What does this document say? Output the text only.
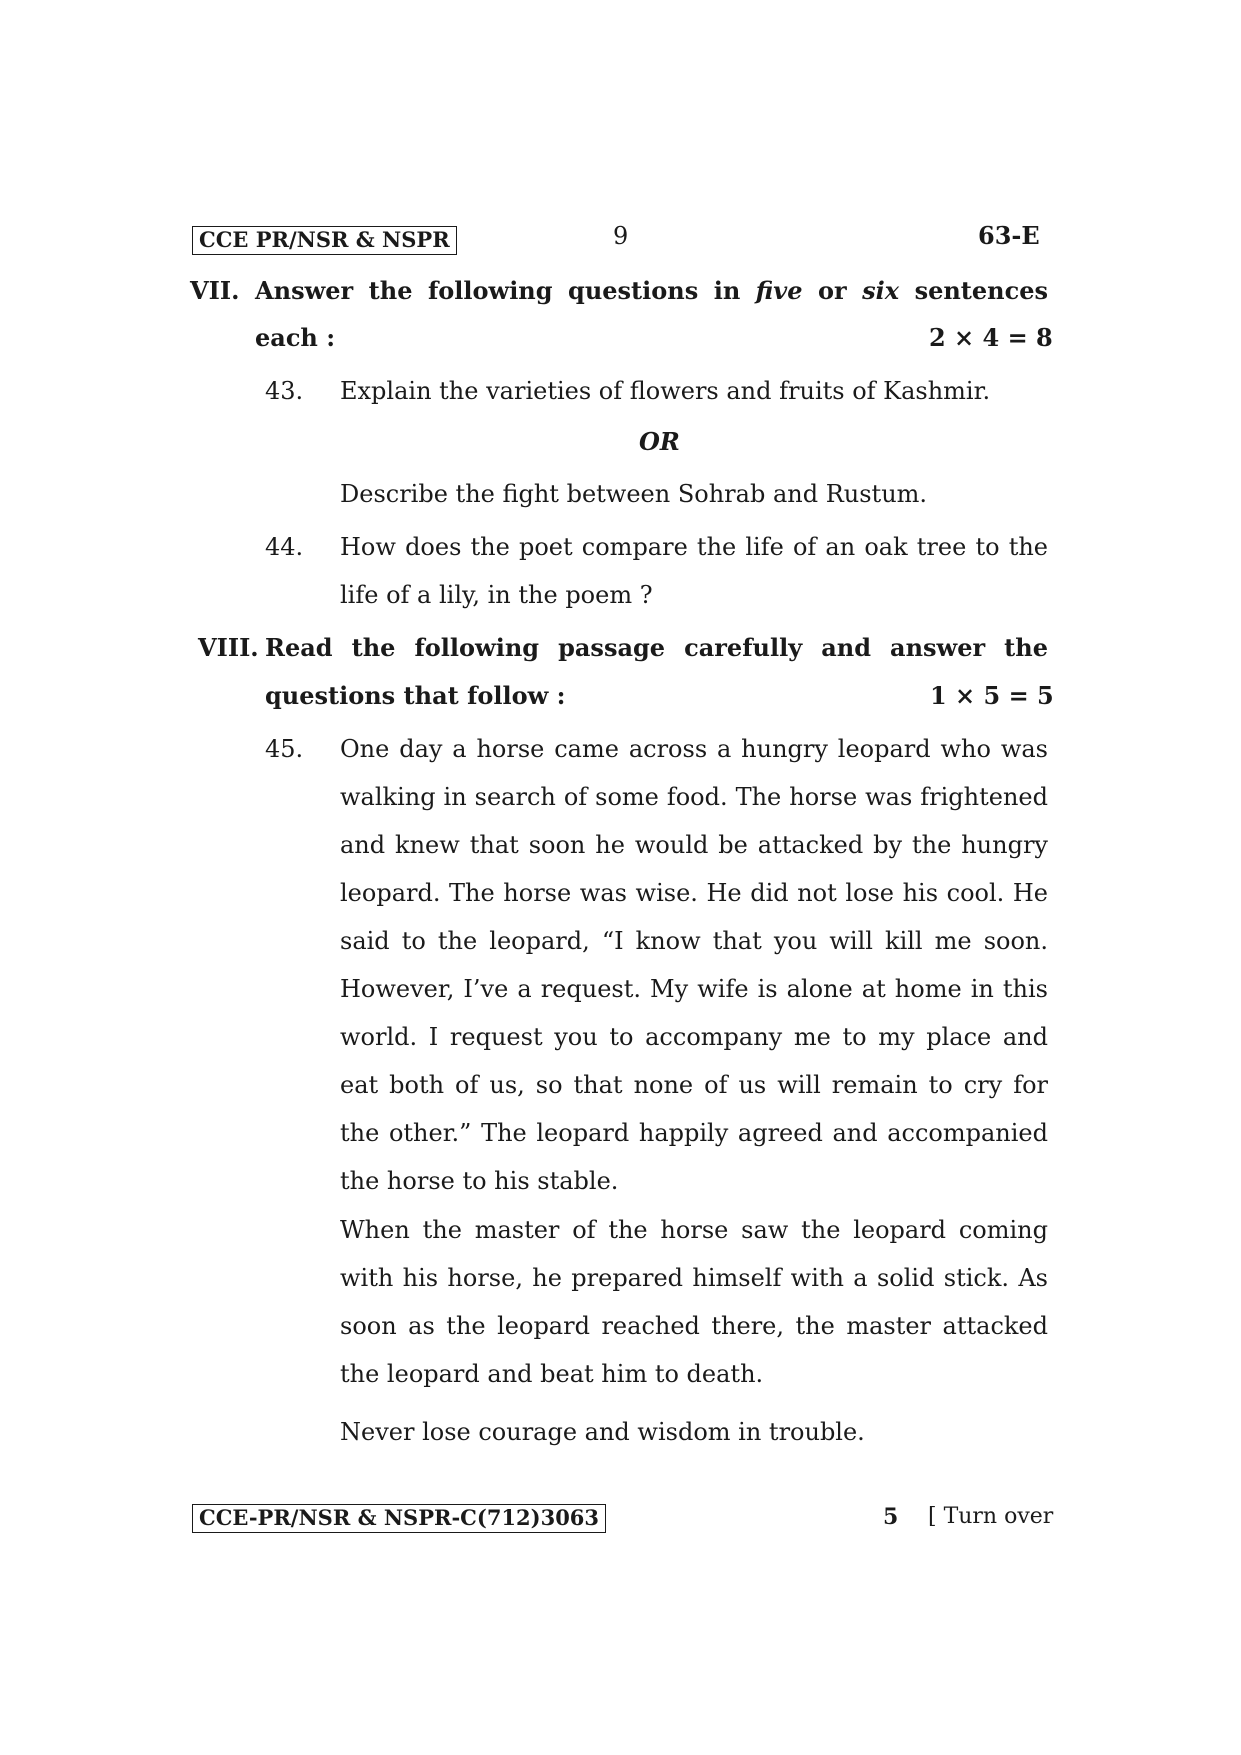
CCE PR/NSR & NSPR	9	63-E
VII. Answer the following questions in five or six sentences
each :	2 × 4 = 8
43. Explain the varieties of flowers and fruits of Kashmir.
OR
Describe the fight between Sohrab and Rustum.
44. How does the poet compare the life of an oak tree to the
life of a lily, in the poem ?
VIII. Read the following passage carefully and answer the
questions that follow :	1 × 5 = 5
45. One day a horse came across a hungry leopard who was walking in search of some food. The horse was frightened and knew that soon he would be attacked by the hungry leopard. The horse was wise. He did not lose his cool. He said to the leopard, “I know that you will kill me soon. However, I’ve a request. My wife is alone at home in this world. I request you to accompany me to my place and eat both of us, so that none of us will remain to cry for the other.” The leopard happily agreed and accompanied the horse to his stable.
When the master of the horse saw the leopard coming with his horse, he prepared himself with a solid stick. As soon as the leopard reached there, the master attacked the leopard and beat him to death.
Never lose courage and wisdom in trouble.
CCE-PR/NSR & NSPR-C(712)3063	5 [ Turn over
